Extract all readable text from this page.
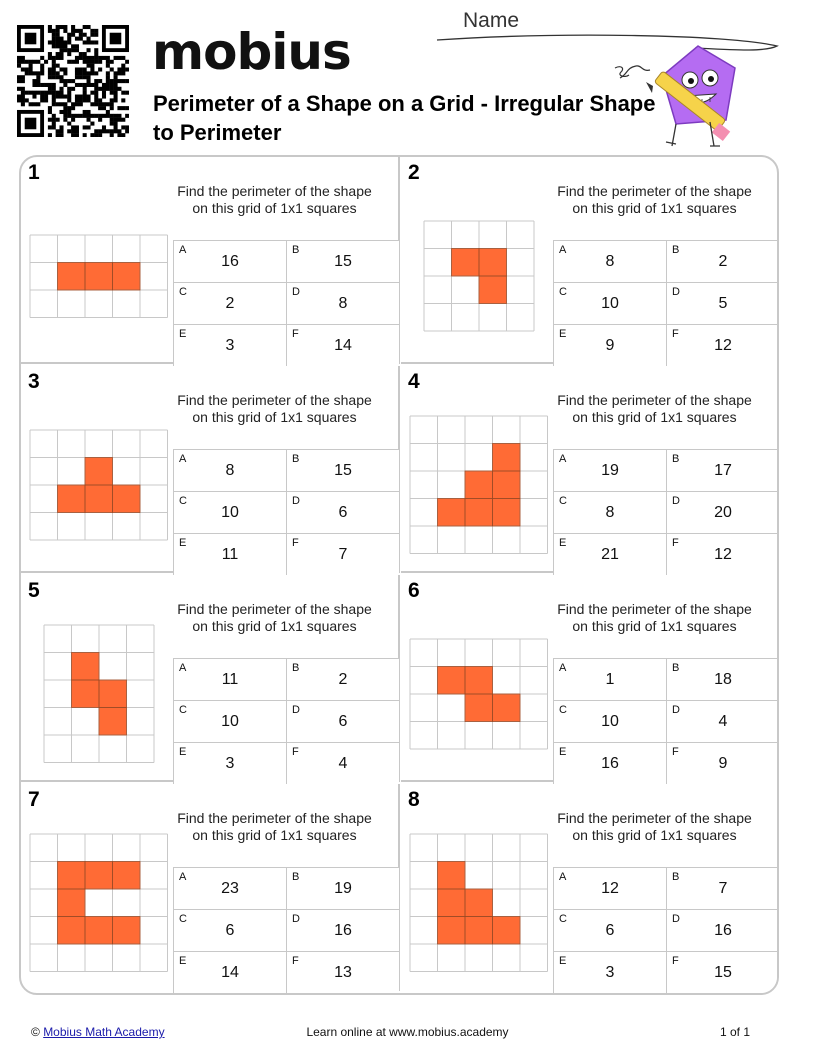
mobius
Name
Perimeter of a Shape on a Grid - Irregular Shape to Perimeter
1
Find the perimeter of the shape
on this grid of 1x1 squares
A
16
B
15
C
2
D
8
E
3
F
14
2
Find the perimeter of the shape
on this grid of 1x1 squares
A
8
B
2
C
10
D
5
E
9
F
12
3
Find the perimeter of the shape
on this grid of 1x1 squares
A
8
B
15
C
10
D
6
E
11
F
7
4
Find the perimeter of the shape
on this grid of 1x1 squares
A
19
B
17
C
8
D
20
E
21
F
12
5
Find the perimeter of the shape
on this grid of 1x1 squares
A
11
B
2
C
10
D
6
E
3
F
4
6
Find the perimeter of the shape
on this grid of 1x1 squares
A
1
B
18
C
10
D
4
E
16
F
9
7
Find the perimeter of the shape
on this grid of 1x1 squares
A
23
B
19
C
6
D
16
E
14
F
13
8
Find the perimeter of the shape
on this grid of 1x1 squares
A
12
B
7
C
6
D
16
E
3
F
15
© Mobius Math Academy	Learn online at www.mobius.academy	1 of 1
